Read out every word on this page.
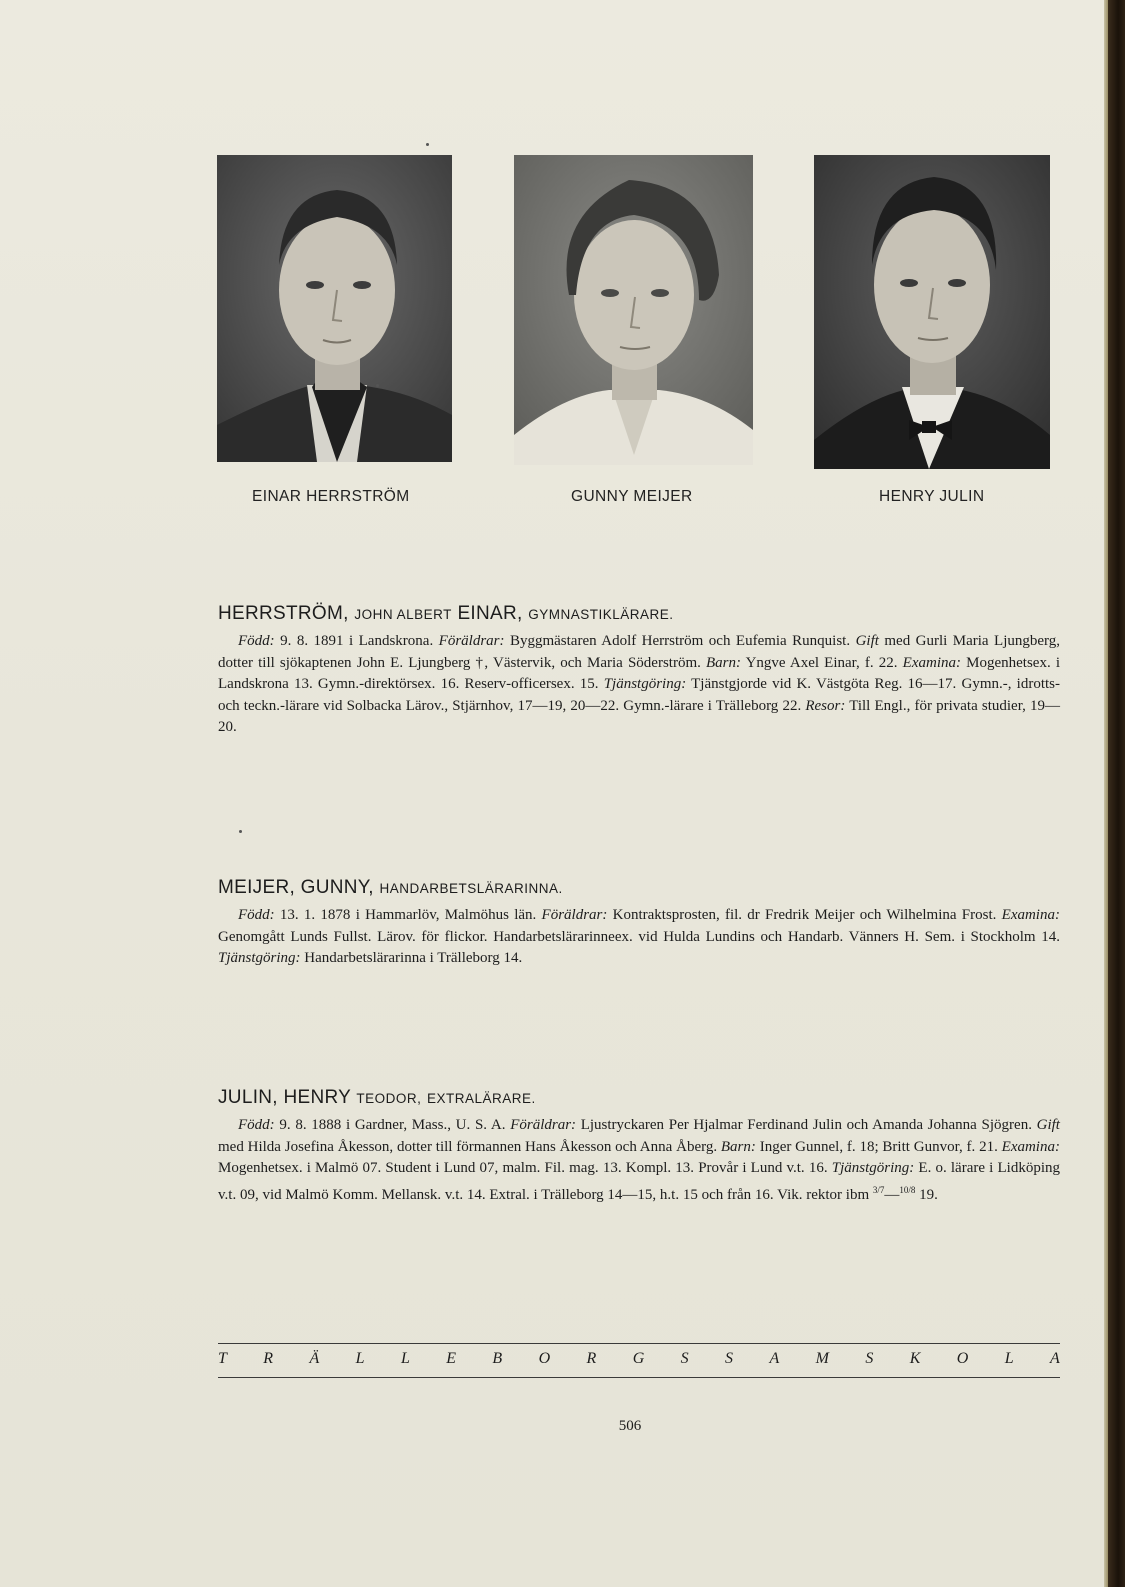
EINAR HERRSTRÖM	GUNNY MEIJER	HENRY JULIN
HERRSTRÖM, JOHN ALBERT EINAR, GYMNASTIKLÄRARE.

Född: 9. 8. 1891 i Landskrona. Föräldrar: Byggmästaren Adolf Herrström och Eufemia Runquist. Gift med Gurli Maria Ljungberg, dotter till sjökaptenen John E. Ljungberg †, Västervik, och Maria Söderström. Barn: Yngve Axel Einar, f. 22. Examina: Mogenhetsex. i Landskrona 13. Gymn.-direktörsex. 16. Reserv-officersex. 15. Tjänstgöring: Tjänstgjorde vid K. Västgöta Reg. 16—17. Gymn.-, idrotts- och teckn.-lärare vid Solbacka Lärov., Stjärnhov, 17—19, 20—22. Gymn.-lärare i Trälleborg 22. Resor: Till Engl., för privata studier, 19—20.

MEIJER, GUNNY, HANDARBETSLÄRARINNA.

Född: 13. 1. 1878 i Hammarlöv, Malmöhus län. Föräldrar: Kontraktsprosten, fil. dr Fredrik Meijer och Wilhelmina Frost. Examina: Genomgått Lunds Fullst. Lärov. för flickor. Handarbetslärarinneex. vid Hulda Lundins och Handarb. Vänners H. Sem. i Stockholm 14. Tjänstgöring: Handarbetslärarinna i Trälleborg 14.

JULIN, HENRY TEODOR, EXTRALÄRARE.

Född: 9. 8. 1888 i Gardner, Mass., U. S. A. Föräldrar: Ljustryckaren Per Hjalmar Ferdinand Julin och Amanda Johanna Sjögren. Gift med Hilda Josefina Åkesson, dotter till förmannen Hans Åkesson och Anna Åberg. Barn: Inger Gunnel, f. 18; Britt Gunvor, f. 21. Examina: Mogenhetsex. i Malmö 07. Student i Lund 07, malm. Fil. mag. 13. Kompl. 13. Provår i Lund v.t. 16. Tjänstgöring: E. o. lärare i Lidköping v.t. 09, vid Malmö Komm. Mellansk. v.t. 14. Extral. i Trälleborg 14—15, h.t. 15 och från 16. Vik. rektor ibm $^{3/7}$—$^{10/8}$ 19.

T R Ä L L E B O R G S S A M S K O L A
506
